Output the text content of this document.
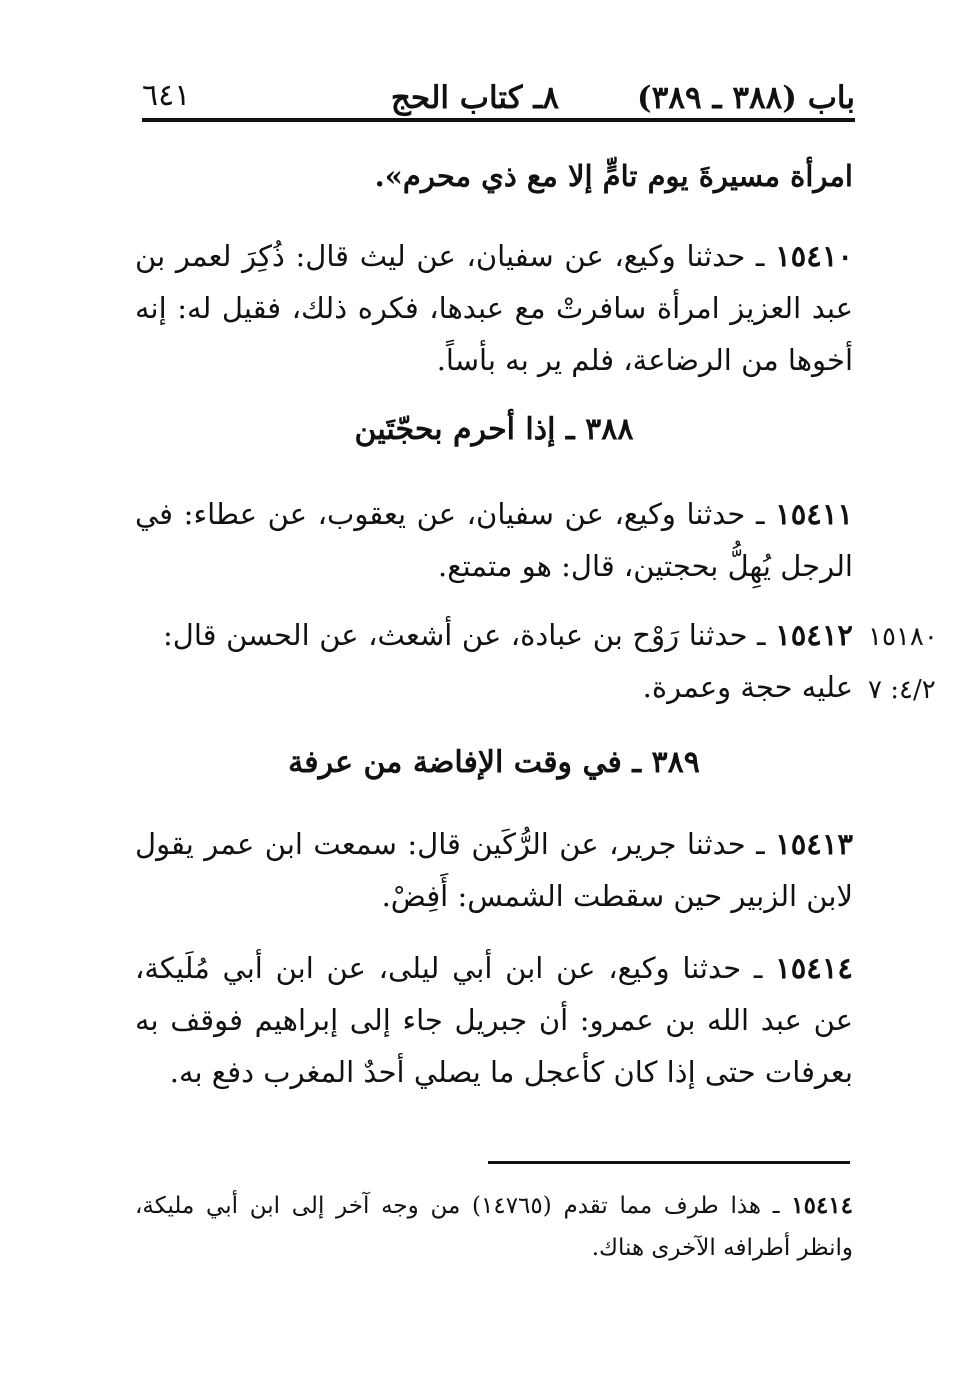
٦٤١	٨ـ كتاب الحج	باب (٣٨٨ ـ ٣٨٩)
امرأة مسيرةَ يوم تامٍّ إلا مع ذي محرم».
١٥٤١٠ ـ حدثنا وكيع، عن سفيان، عن ليث قال: ذُكِرَ لعمر بن عبد العزيز امرأة سافرتْ مع عبدها، فكره ذلك، فقيل له: إنه أخوها من الرضاعة، فلم ير به بأساً.
٣٨٨ ـ إذا أحرم بحجّتَين
١٥٤١١ ـ حدثنا وكيع، عن سفيان، عن يعقوب، عن عطاء: في الرجل يُهِلُّ بحجتين، قال: هو متمتع.
١٥٤١٢ ـ حدثنا رَوْح بن عبادة، عن أشعث، عن الحسن قال: عليه حجة وعمرة.
١٥١٨٠
٤/٢: ٧
٣٨٩ ـ في وقت الإفاضة من عرفة
١٥٤١٣ ـ حدثنا جرير، عن الرُّكَين قال: سمعت ابن عمر يقول لابن الزبير حين سقطت الشمس: أَفِضْ.
١٥٤١٤ ـ حدثنا وكيع، عن ابن أبي ليلى، عن ابن أبي مُلَيكة، عن عبد الله بن عمرو: أن جبريل جاء إلى إبراهيم فوقف به بعرفات حتى إذا كان كأعجل ما يصلي أحدٌ المغرب دفع به.
١٥٤١٤ ـ هذا طرف مما تقدم (١٤٧٦٥) من وجه آخر إلى ابن أبي مليكة، وانظر أطرافه الآخرى هناك.
